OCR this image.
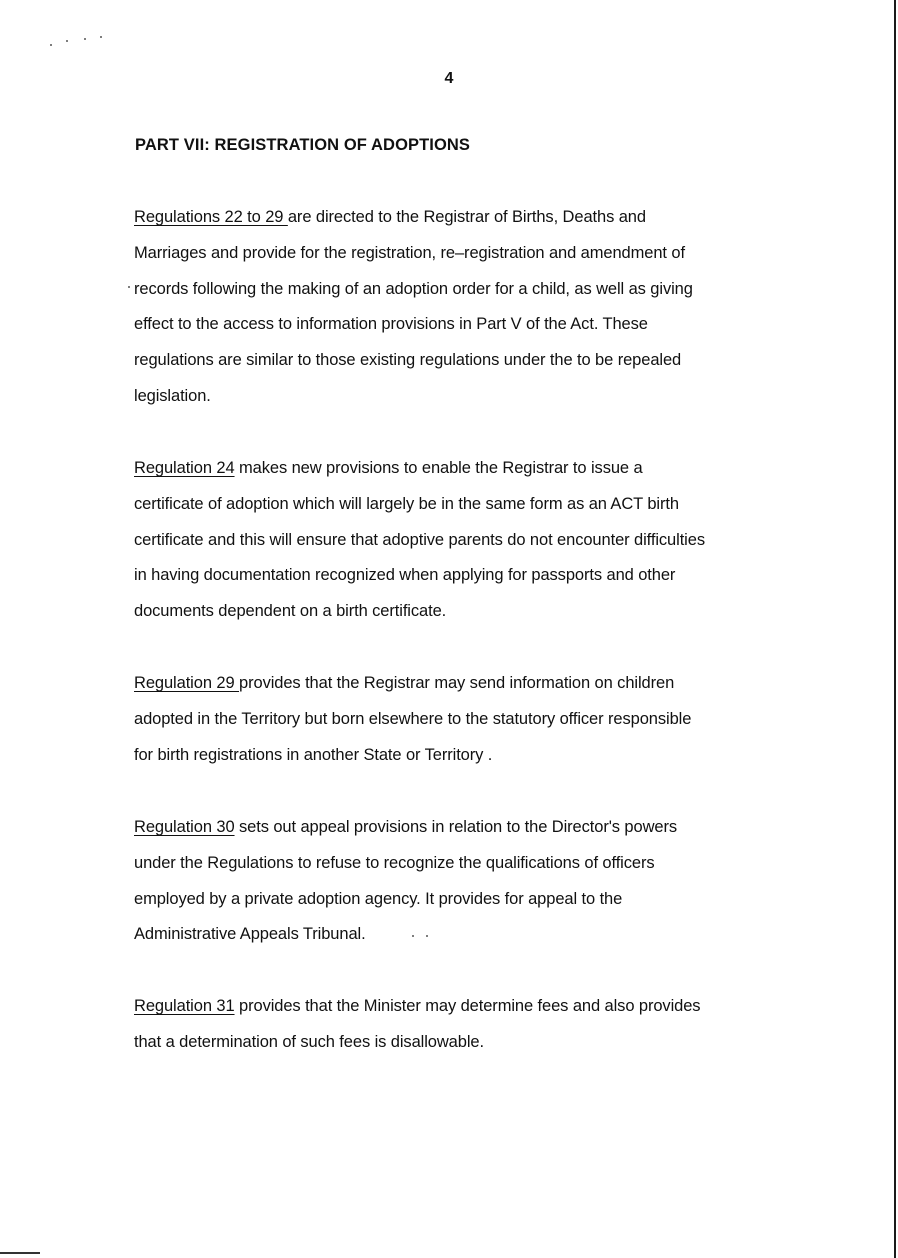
4
PART VII: REGISTRATION OF ADOPTIONS
Regulations 22 to 29 are directed to the Registrar of Births, Deaths and
Marriages and provide for the registration, re–registration and amendment of
records following the making of an adoption order for a child, as well as giving
effect to the access to information provisions in Part V of the Act. These
regulations are similar to those existing regulations under the to be repealed
legislation.
Regulation 24 makes new provisions to enable the Registrar to issue a
certificate of adoption which will largely be in the same form as an ACT birth
certificate and this will ensure that adoptive parents do not encounter difficulties
in having documentation recognized when applying for passports and other
documents dependent on a birth certificate.
Regulation 29 provides that the Registrar may send information on children
adopted in the Territory but born elsewhere to the statutory officer responsible
for birth registrations in another State or Territory .
Regulation 30 sets out appeal provisions in relation to the Director's powers
under the Regulations to refuse to recognize the qualifications of officers
employed by a private adoption agency. It provides for appeal to the
Administrative Appeals Tribunal.
Regulation 31 provides that the Minister may determine fees and also provides
that a determination of such fees is disallowable.
